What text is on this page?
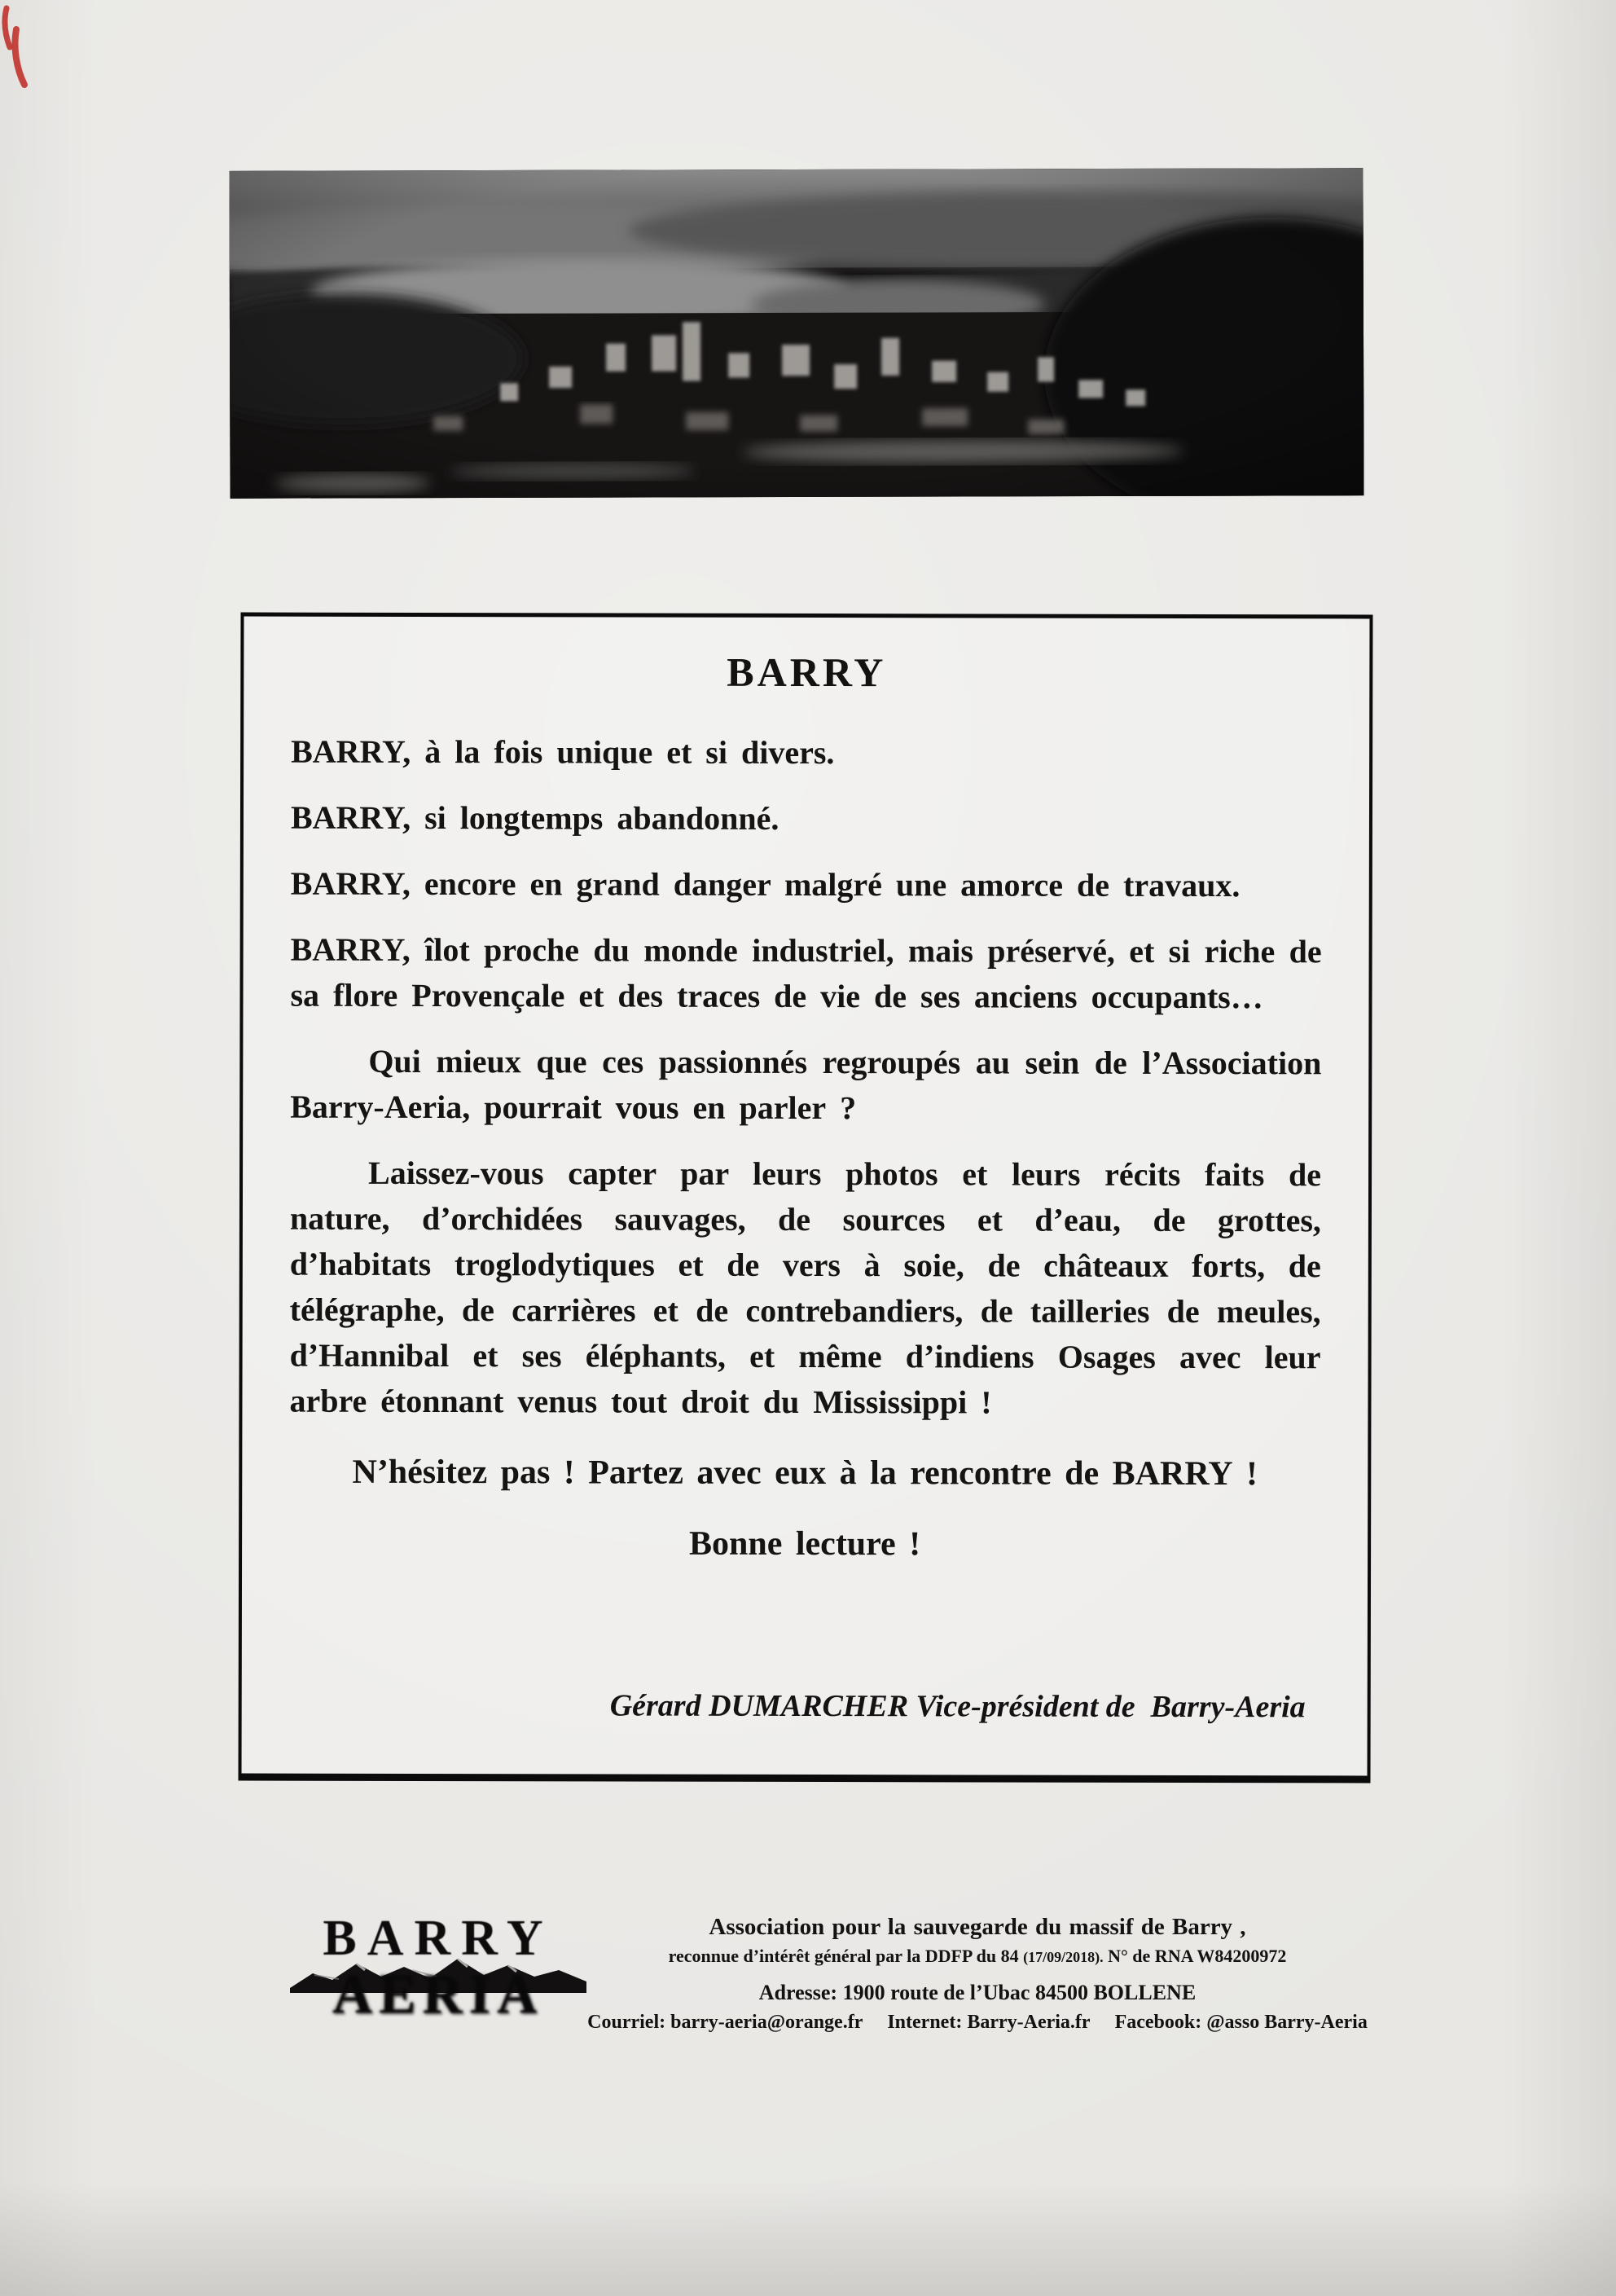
BARRY

BARRY, à la fois unique et si divers.

BARRY, si longtemps abandonné.

BARRY, encore en grand danger malgré une amorce de travaux.

BARRY, îlot proche du monde industriel, mais préservé, et si riche de sa flore Provençale et des traces de vie de ses anciens occupants…

Qui mieux que ces passionnés regroupés au sein de l’Association Barry-Aeria, pourrait vous en parler ?

Laissez-vous capter par leurs photos et leurs récits faits de nature, d’orchidées sauvages, de sources et d’eau, de grottes, d’habitats troglodytiques et de vers à soie, de châteaux forts, de télégraphe, de carrières et de contrebandiers, de tailleries de meules, d’Hannibal et ses éléphants, et même d’indiens Osages avec leur arbre étonnant venus tout droit du Mississippi !

N’hésitez pas ! Partez avec eux à la rencontre de BARRY !

Bonne lecture !

Gérard DUMARCHER Vice-président de  Barry-Aeria
BARRY
AERIA
Association pour la sauvegarde du massif de Barry ,
reconnue d’intérêt général par la DDFP du 84 (17/09/2018). N° de RNA W84200972
Adresse: 1900 route de l’Ubac 84500 BOLLENE
Courriel: barry-aeria@orange.fr Internet: Barry-Aeria.fr Facebook: @asso Barry-Aeria
